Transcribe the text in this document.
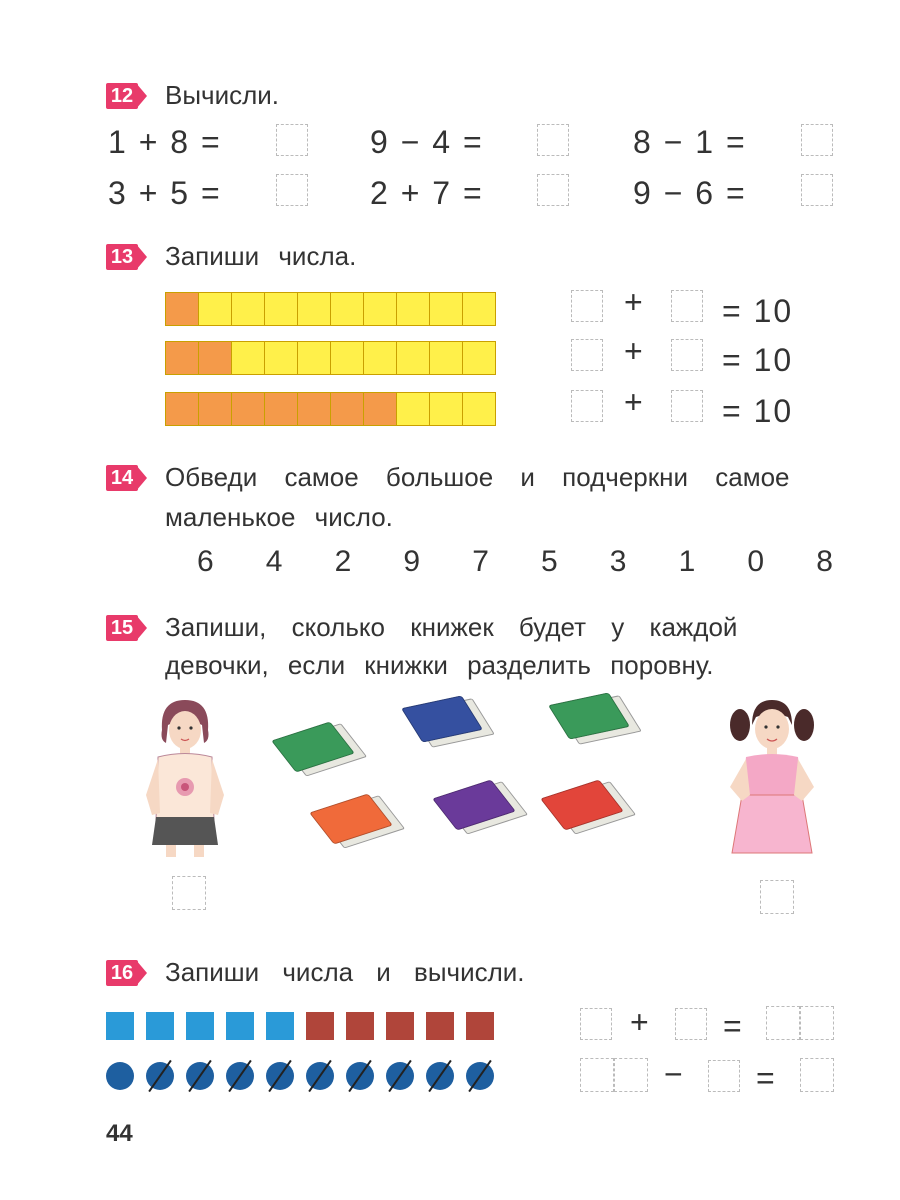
12 Вычисли.
1 + 8 =	9 − 4 =	8 − 1 =
3 + 5 =	2 + 7 =	9 − 6 =
13 Запиши числа.
+ = 10
+ = 10
+ = 10
14 Обведи самое большое и подчеркни самое
маленькое число.
6 4 2 9 7 5 3 1 0 8
15 Запиши, сколько книжек будет у каждой
девочки, если книжки разделить поровну.
16 Запиши числа и вычисли.
+ =
− =
44
